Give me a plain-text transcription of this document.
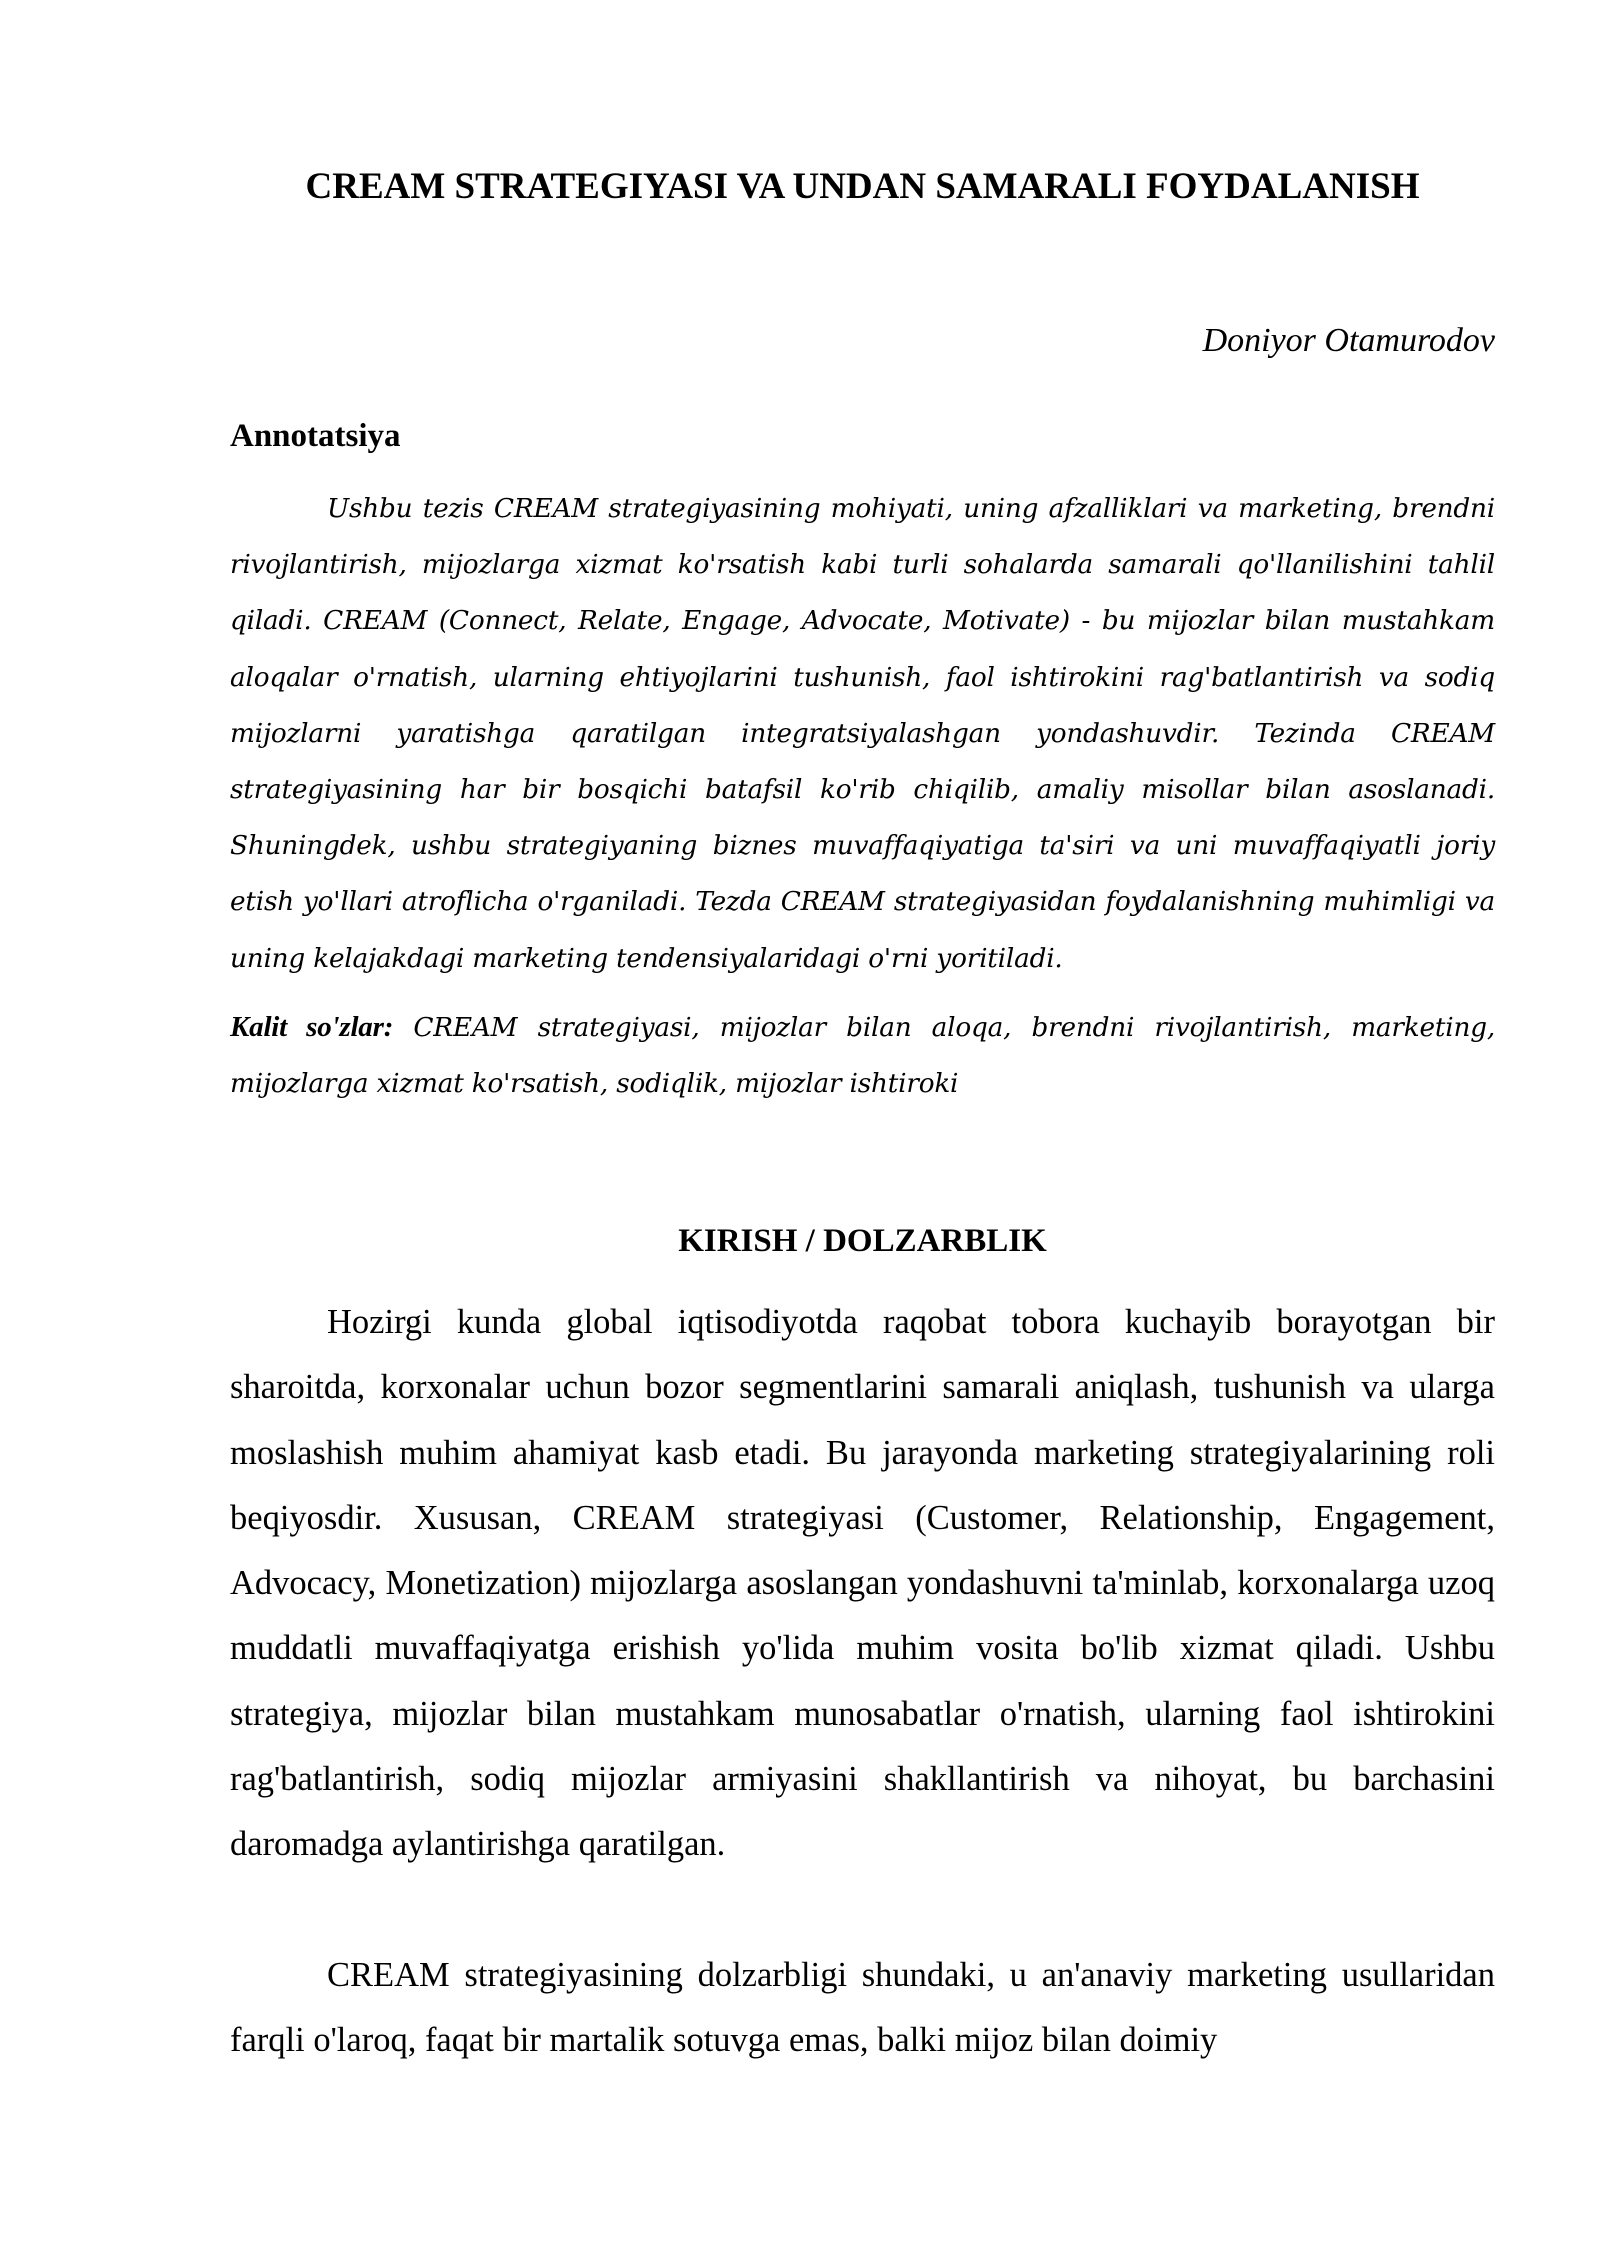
CREAM STRATEGIYASI VA UNDAN SAMARALI FOYDALANISH

Doniyor Otamurodov

Annotatsiya

Ushbu tezis CREAM strategiyasining mohiyati, uning afzalliklari va marketing, brendni rivojlantirish, mijozlarga xizmat ko'rsatish kabi turli sohalarda samarali qo'llanilishini tahlil qiladi. CREAM (Connect, Relate, Engage, Advocate, Motivate) - bu mijozlar bilan mustahkam aloqalar o'rnatish, ularning ehtiyojlarini tushunish, faol ishtirokini rag'batlantirish va sodiq mijozlarni yaratishga qaratilgan integratsiyalashgan yondashuvdir. Tezinda CREAM strategiyasining har bir bosqichi batafsil ko'rib chiqilib, amaliy misollar bilan asoslanadi. Shuningdek, ushbu strategiyaning biznes muvaffaqiyatiga ta'siri va uni muvaffaqiyatli joriy etish yo'llari atroflicha o'rganiladi. Tezda CREAM strategiyasidan foydalanishning muhimligi va uning kelajakdagi marketing tendensiyalaridagi o'rni yoritiladi.

Kalit so'zlar: CREAM strategiyasi, mijozlar bilan aloqa, brendni rivojlantirish, marketing, mijozlarga xizmat ko'rsatish, sodiqlik, mijozlar ishtiroki

KIRISH / DOLZARBLIK

Hozirgi kunda global iqtisodiyotda raqobat tobora kuchayib borayotgan bir sharoitda, korxonalar uchun bozor segmentlarini samarali aniqlash, tushunish va ularga moslashish muhim ahamiyat kasb etadi. Bu jarayonda marketing strategiyalarining roli beqiyosdir. Xususan, CREAM strategiyasi (Customer, Relationship, Engagement, Advocacy, Monetization) mijozlarga asoslangan yondashuvni ta'minlab, korxonalarga uzoq muddatli muvaffaqiyatga erishish yo'lida muhim vosita bo'lib xizmat qiladi. Ushbu strategiya, mijozlar bilan mustahkam munosabatlar o'rnatish, ularning faol ishtirokini rag'batlantirish, sodiq mijozlar armiyasini shakllantirish va nihoyat, bu barchasini daromadga aylantirishga qaratilgan.

CREAM strategiyasining dolzarbligi shundaki, u an'anaviy marketing usullaridan farqli o'laroq, faqat bir martalik sotuvga emas, balki mijoz bilan doimiy
